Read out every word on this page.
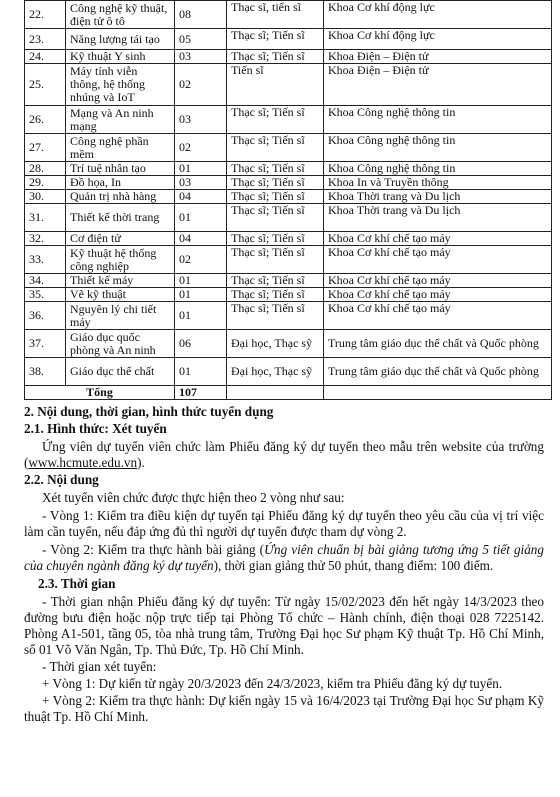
22.	Công nghệ kỹ thuật, điện tử ô tô	08	Thạc sĩ, tiến sĩ	Khoa Cơ khí động lực
23.	Năng lượng tái tạo	05	Thạc sĩ; Tiến sĩ	Khoa Cơ khí động lực
24.	Kỹ thuật Y sinh	03	Thạc sĩ; Tiến sĩ	Khoa Điện – Điện tử
25.	Máy tính viễn thông, hệ thống nhúng và IoT	02	Tiến sĩ	Khoa Điện – Điện tử
26.	Mạng và An ninh mạng	03	Thạc sĩ; Tiến sĩ	Khoa Công nghệ thông tin
27.	Công nghệ phần mềm	02	Thạc sĩ; Tiến sĩ	Khoa Công nghệ thông tin
28.	Trí tuệ nhân tạo	01	Thạc sĩ; Tiến sĩ	Khoa Công nghệ thông tin
29.	Đồ họa, In	03	Thạc sĩ; Tiến sĩ	Khoa In và Truyền thông
30.	Quản trị nhà hàng	04	Thạc sĩ; Tiến sĩ	Khoa Thời trang và Du lịch
31.	Thiết kế thời trang	01	Thạc sĩ; Tiến sĩ	Khoa Thời trang và Du lịch
32.	Cơ điện tử	04	Thạc sĩ; Tiến sĩ	Khoa Cơ khí chế tạo máy
33.	Kỹ thuật hệ thống công nghiệp	02	Thạc sĩ; Tiến sĩ	Khoa Cơ khí chế tạo máy
34.	Thiết kế máy	01	Thạc sĩ; Tiến sĩ	Khoa Cơ khí chế tạo máy
35.	Vẽ kỹ thuật	01	Thạc sĩ; Tiến sĩ	Khoa Cơ khí chế tạo máy
36.	Nguyên lý chi tiết máy	01	Thạc sĩ; Tiến sĩ	Khoa Cơ khí chế tạo máy
37.	Giáo dục quốc phòng và An ninh	06	Đại học, Thạc sỹ	Trung tâm giáo dục thể chất và Quốc phòng
38.	Giáo dục thể chất	01	Đại học, Thạc sỹ	Trung tâm giáo dục thể chất và Quốc phòng
Tổng		107		
2. Nội dung, thời gian, hình thức tuyển dụng
2.1. Hình thức: Xét tuyển
Ứng viên dự tuyển viên chức làm Phiếu đăng ký dự tuyển theo mẫu trên website của trường (www.hcmute.edu.vn).
2.2. Nội dung
Xét tuyển viên chức được thực hiện theo 2 vòng như sau:
- Vòng 1: Kiểm tra điều kiện dự tuyển tại Phiếu đăng ký dự tuyển theo yêu cầu của vị trí việc làm cần tuyển, nếu đáp ứng đủ thì người dự tuyển được tham dự vòng 2.
- Vòng 2: Kiểm tra thực hành bài giảng (Ứng viên chuẩn bị bài giảng tương ứng 5 tiết giảng của chuyên ngành đăng ký dự tuyển), thời gian giảng thử 50 phút, thang điểm: 100 điểm.
2.3. Thời gian
- Thời gian nhận Phiếu đăng ký dự tuyển: Từ ngày 15/02/2023 đến hết ngày 14/3/2023 theo đường bưu điện hoặc nộp trực tiếp tại Phòng Tổ chức – Hành chính, điện thoại 028 7225142. Phòng A1-501, tầng 05, tòa nhà trung tâm, Trường Đại học Sư phạm Kỹ thuật Tp. Hồ Chí Minh, số 01 Võ Văn Ngân, Tp. Thủ Đức, Tp. Hồ Chí Minh.
- Thời gian xét tuyển:
+ Vòng 1: Dự kiến từ ngày 20/3/2023 đến 24/3/2023, kiểm tra Phiếu đăng ký dự tuyển.
+ Vòng 2: Kiểm tra thực hành: Dự kiến ngày 15 và 16/4/2023 tại Trường Đại học Sư phạm Kỹ thuật Tp. Hồ Chí Minh.
